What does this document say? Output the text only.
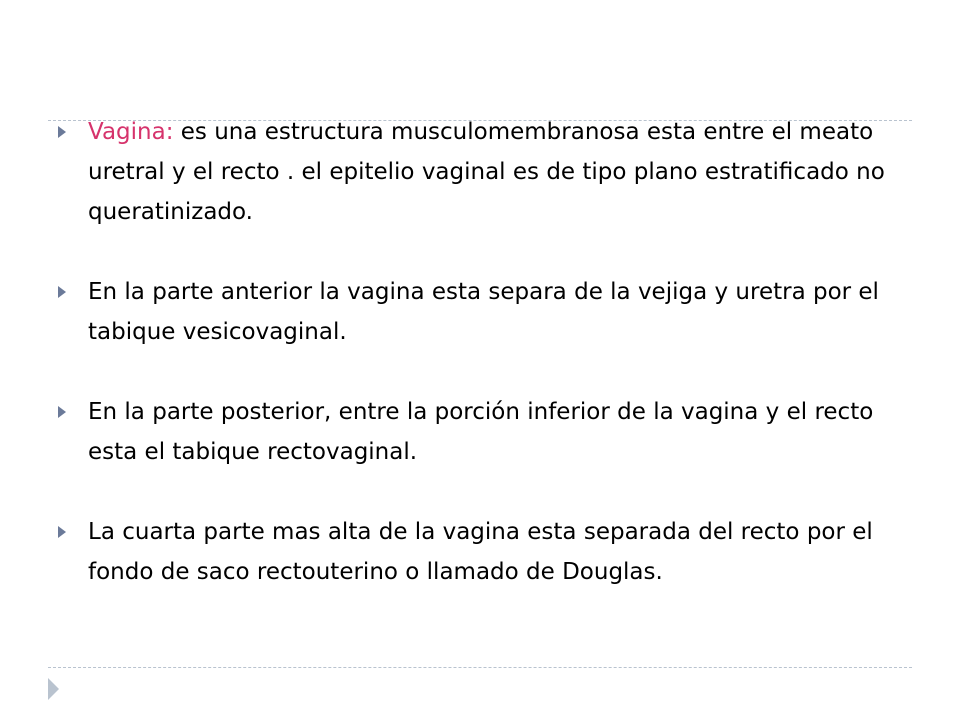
Vagina: es una estructura musculomembranosa esta entre el meato uretral y el recto . el epitelio vaginal es de tipo plano estratificado no queratinizado.
En la parte anterior la vagina esta separa de la vejiga y uretra por el tabique vesicovaginal.
En la parte posterior, entre la porción inferior de la vagina y el recto esta el tabique rectovaginal.
La cuarta parte mas alta de la vagina esta separada del recto por el fondo de saco rectouterino o llamado de Douglas.
